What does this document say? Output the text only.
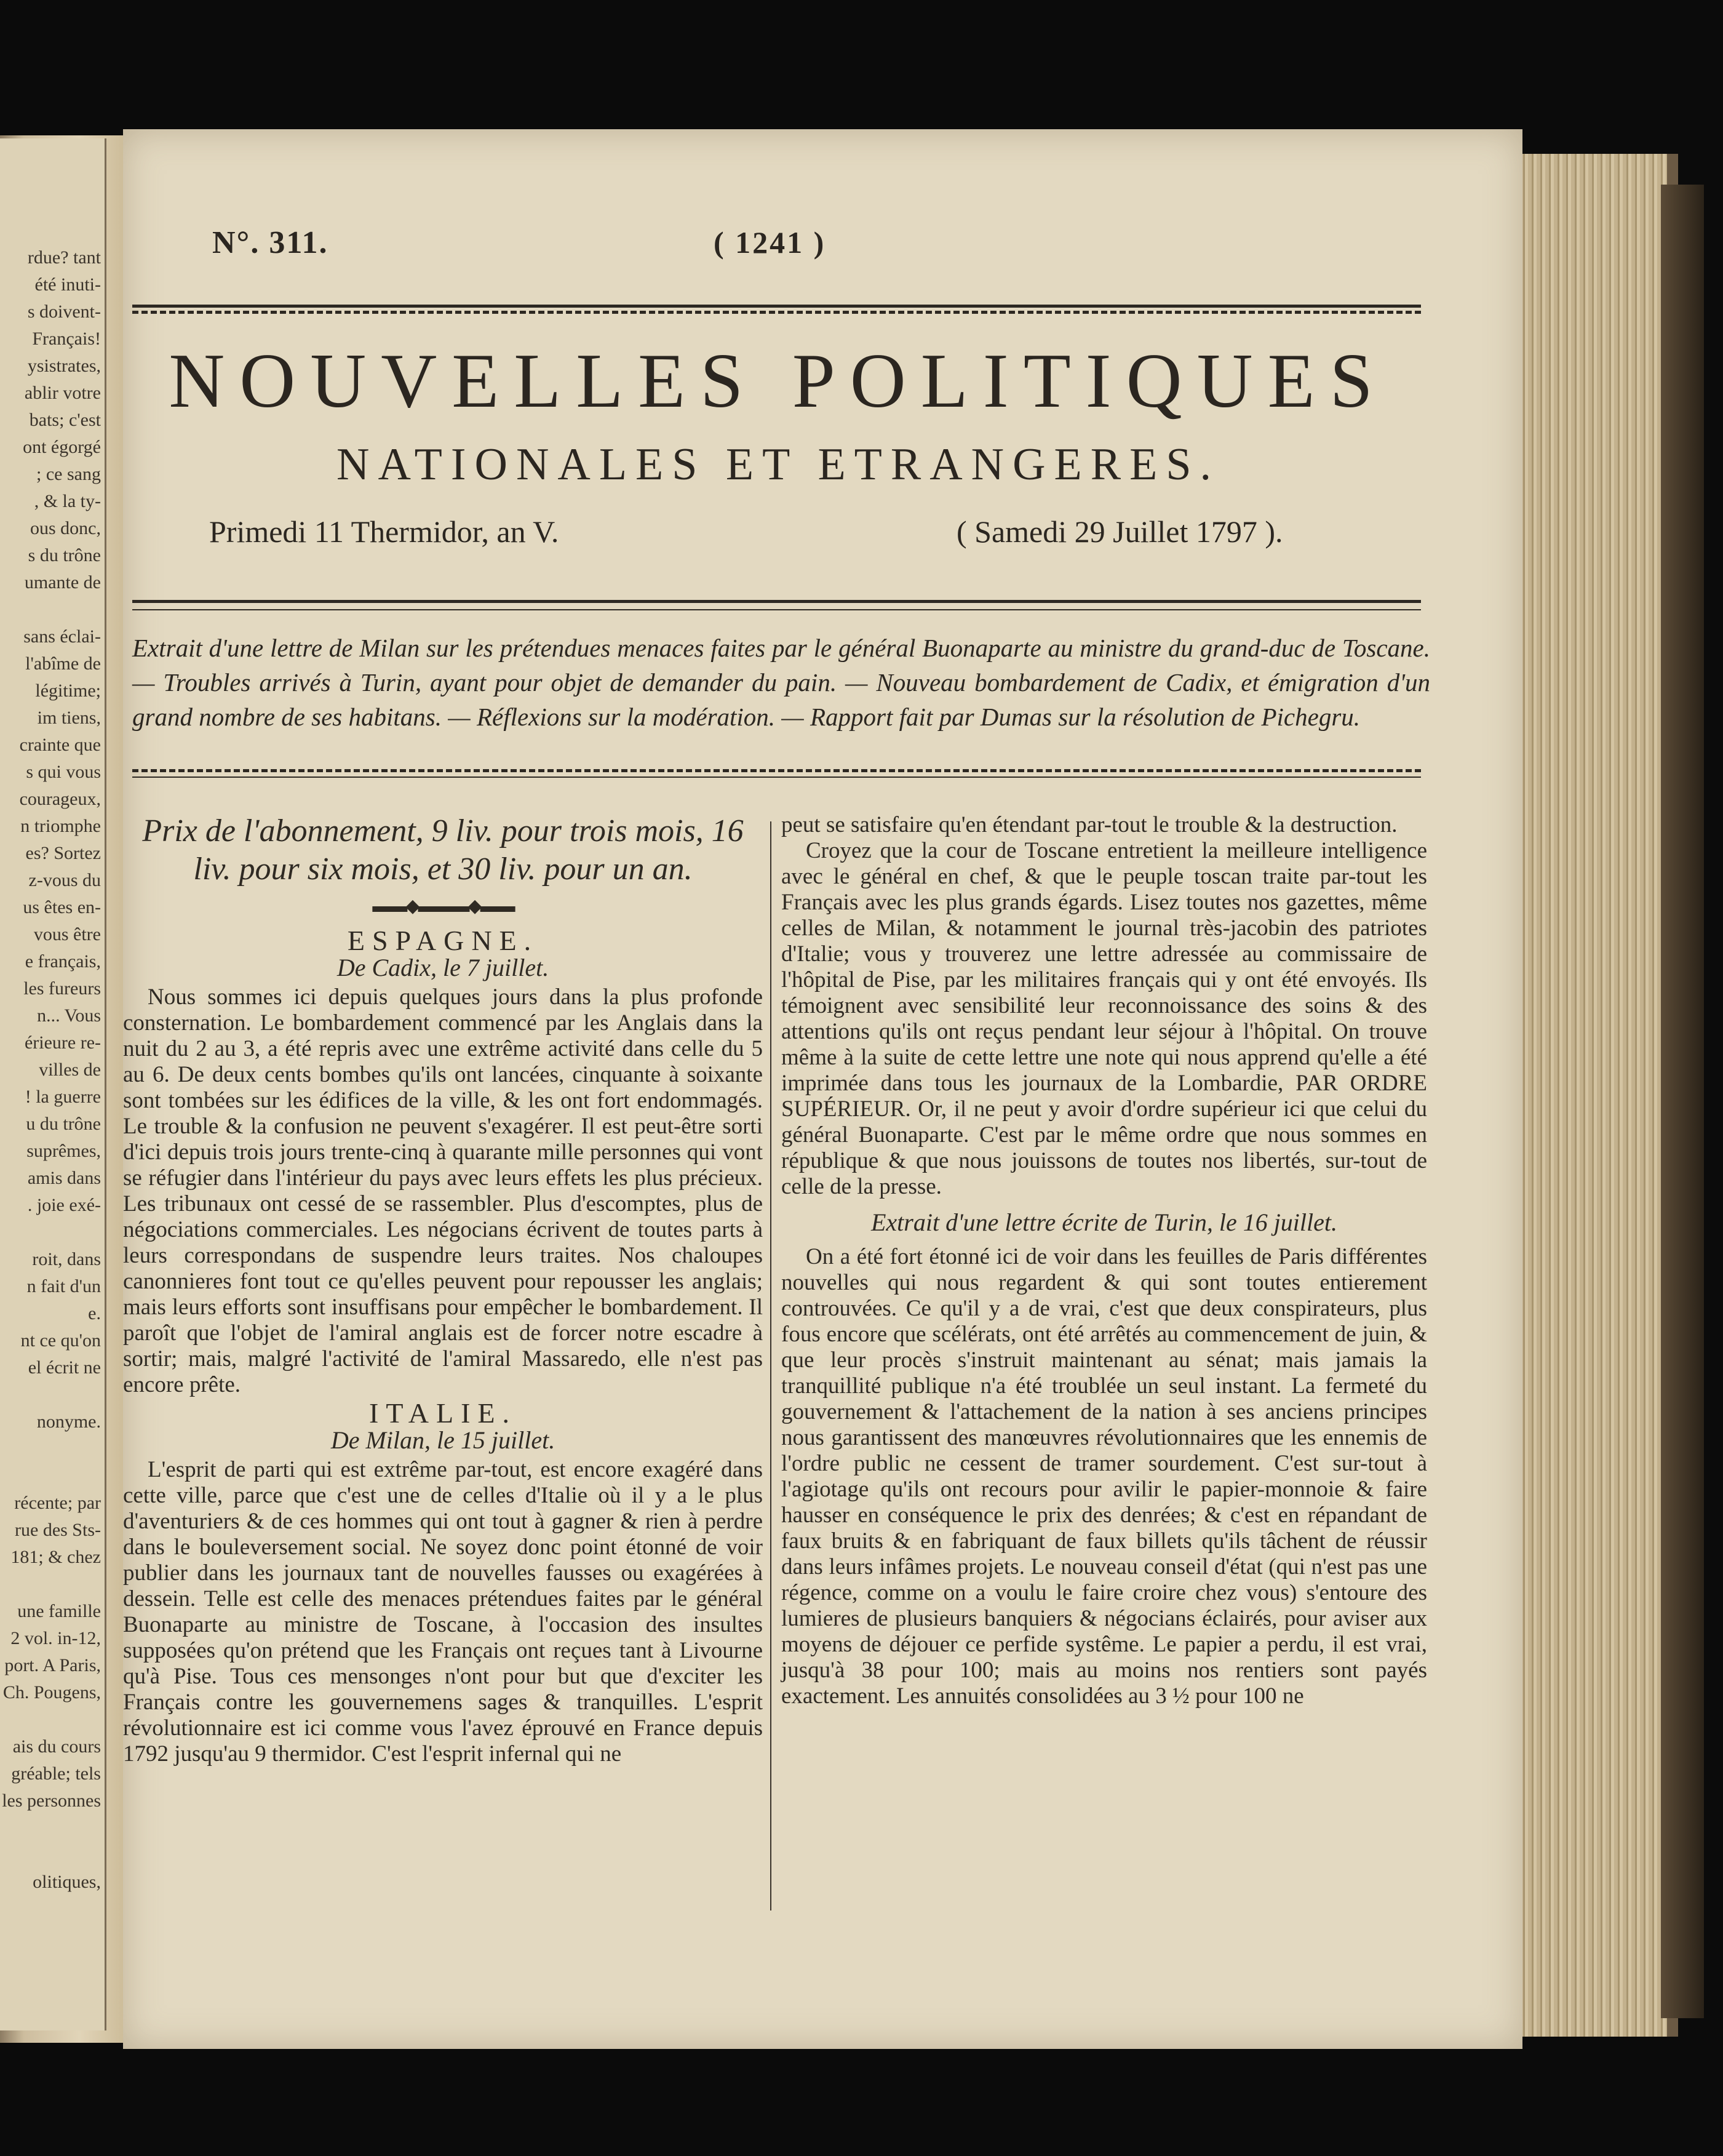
rdue? tant
été inuti-
s doivent-
Français!
ysistrates,
ablir votre
bats; c'est
ont égorgé
; ce sang
, & la ty-
ous donc,
s du trône
umante de
sans éclai-
l'abîme de
légitime;
im tiens,
crainte que
s qui vous
courageux,
n triomphe
es? Sortez
z-vous du
us êtes en-
vous être
e français,
les fureurs
n... Vous
érieure re-
villes de
! la guerre
u du trône
suprêmes,
amis dans
. joie exé-
roit, dans
n fait d'un
e.
nt ce qu'on
el écrit ne
nonyme.
récente; par
rue des Sts-
181; & chez
une famille
2 vol. in-12,
port. A Paris,
Ch. Pougens,
ais du cours
gréable; tels
les personnes
olitiques,
N°. 311.	( 1241 )
NOUVELLES POLITIQUES
NATIONALES ET ETRANGERES.
Primedi 11 Thermidor, an V.	( Samedi 29 Juillet 1797 ).
Extrait d'une lettre de Milan sur les prétendues menaces faites par le général Buonaparte au ministre du grand-duc de Toscane. — Troubles arrivés à Turin, ayant pour objet de demander du pain. — Nouveau bombardement de Cadix, et émigration d'un grand nombre de ses habitans. — Réflexions sur la modération. — Rapport fait par Dumas sur la résolution de Pichegru.
Prix de l'abonnement, 9 liv. pour trois mois, 16 liv. pour six mois, et 30 liv. pour un an.
▬▬◆▬▬▬◆▬▬
ESPAGNE.
De Cadix, le 7 juillet.

Nous sommes ici depuis quelques jours dans la plus profonde consternation. Le bombardement commencé par les Anglais dans la nuit du 2 au 3, a été repris avec une extrême activité dans celle du 5 au 6. De deux cents bombes qu'ils ont lancées, cinquante à soixante sont tombées sur les édifices de la ville, & les ont fort endommagés. Le trouble & la confusion ne peuvent s'exagérer. Il est peut-être sorti d'ici depuis trois jours trente-cinq à quarante mille personnes qui vont se réfugier dans l'intérieur du pays avec leurs effets les plus précieux. Les tribunaux ont cessé de se rassembler. Plus d'escomptes, plus de négociations commerciales. Les négocians écrivent de toutes parts à leurs correspondans de suspendre leurs traites. Nos chaloupes canonnieres font tout ce qu'elles peuvent pour repousser les anglais; mais leurs efforts sont insuffisans pour empêcher le bombardement. Il paroît que l'objet de l'amiral anglais est de forcer notre escadre à sortir; mais, malgré l'activité de l'amiral Massaredo, elle n'est pas encore prête.

ITALIE.
De Milan, le 15 juillet.

L'esprit de parti qui est extrême par-tout, est encore exagéré dans cette ville, parce que c'est une de celles d'Italie où il y a le plus d'aventuriers & de ces hommes qui ont tout à gagner & rien à perdre dans le bouleversement social. Ne soyez donc point étonné de voir publier dans les journaux tant de nouvelles fausses ou exagérées à dessein. Telle est celle des menaces prétendues faites par le général Buonaparte au ministre de Toscane, à l'occasion des insultes supposées qu'on prétend que les Français ont reçues tant à Livourne qu'à Pise. Tous ces mensonges n'ont pour but que d'exciter les Français contre les gouvernemens sages & tranquilles. L'esprit révolutionnaire est ici comme vous l'avez éprouvé en France depuis 1792 jusqu'au 9 thermidor. C'est l'esprit infernal qui ne

peut se satisfaire qu'en étendant par-tout le trouble & la destruction.

Croyez que la cour de Toscane entretient la meilleure intelligence avec le général en chef, & que le peuple toscan traite par-tout les Français avec les plus grands égards. Lisez toutes nos gazettes, même celles de Milan, & notamment le journal très-jacobin des patriotes d'Italie; vous y trouverez une lettre adressée au commissaire de l'hôpital de Pise, par les militaires français qui y ont été envoyés. Ils témoignent avec sensibilité leur reconnoissance des soins & des attentions qu'ils ont reçus pendant leur séjour à l'hôpital. On trouve même à la suite de cette lettre une note qui nous apprend qu'elle a été imprimée dans tous les journaux de la Lombardie, PAR ORDRE SUPÉRIEUR. Or, il ne peut y avoir d'ordre supérieur ici que celui du général Buonaparte. C'est par le même ordre que nous sommes en république & que nous jouissons de toutes nos libertés, sur-tout de celle de la presse.

Extrait d'une lettre écrite de Turin, le 16 juillet.

On a été fort étonné ici de voir dans les feuilles de Paris différentes nouvelles qui nous regardent & qui sont toutes entierement controuvées. Ce qu'il y a de vrai, c'est que deux conspirateurs, plus fous encore que scélérats, ont été arrêtés au commencement de juin, & que leur procès s'instruit maintenant au sénat; mais jamais la tranquillité publique n'a été troublée un seul instant. La fermeté du gouvernement & l'attachement de la nation à ses anciens principes nous garantissent des manœuvres révolutionnaires que les ennemis de l'ordre public ne cessent de tramer sourdement. C'est sur-tout à l'agiotage qu'ils ont recours pour avilir le papier-monnoie & faire hausser en conséquence le prix des denrées; & c'est en répandant de faux bruits & en fabriquant de faux billets qu'ils tâchent de réussir dans leurs infâmes projets. Le nouveau conseil d'état (qui n'est pas une régence, comme on a voulu le faire croire chez vous) s'entoure des lumieres de plusieurs banquiers & négocians éclairés, pour aviser aux moyens de déjouer ce perfide systême. Le papier a perdu, il est vrai, jusqu'à 38 pour 100; mais au moins nos rentiers sont payés exactement. Les annuités consolidées au 3 ½ pour 100 ne
